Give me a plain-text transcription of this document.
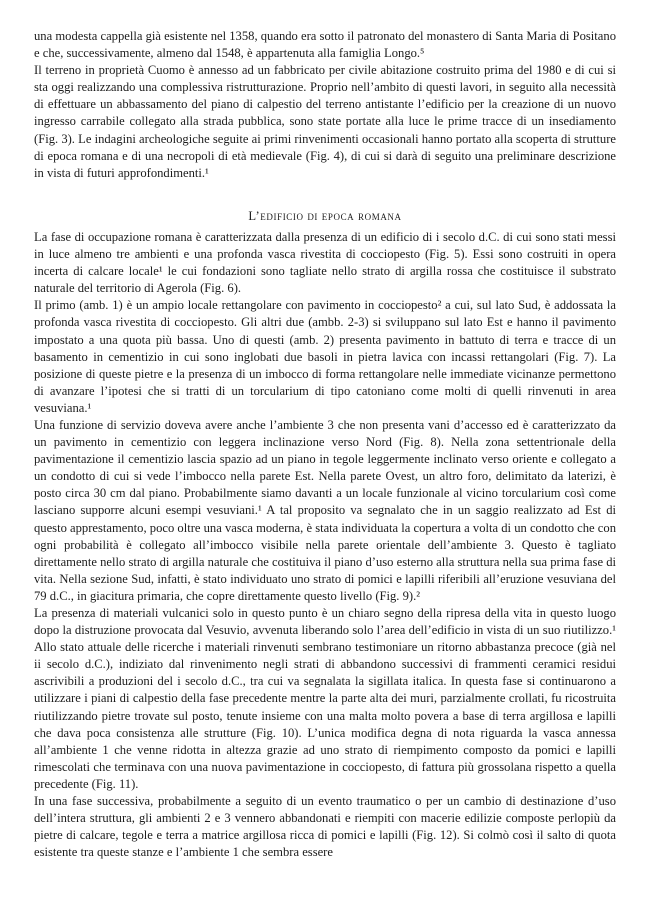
una modesta cappella già esistente nel 1358, quando era sotto il patronato del monastero di Santa Maria di Positano e che, successivamente, almeno dal 1548, è appartenuta alla famiglia Longo.⁵

Il terreno in proprietà Cuomo è annesso ad un fabbricato per civile abitazione costruito prima del 1980 e di cui si sta oggi realizzando una complessiva ristrutturazione. Proprio nell’ambito di questi lavori, in seguito alla necessità di effettuare un abbassamento del piano di calpestio del terreno antistante l’edificio per la creazione di un nuovo ingresso carrabile collegato alla strada pubblica, sono state portate alla luce le prime tracce di un insediamento (Fig. 3). Le indagini archeologiche seguite ai primi rinvenimenti occasionali hanno portato alla scoperta di strutture di epoca romana e di una necropoli di età medievale (Fig. 4), di cui si darà di seguito una preliminare descrizione in vista di futuri approfondimenti.¹

L’edificio di epoca romana

La fase di occupazione romana è caratterizzata dalla presenza di un edificio di i secolo d.C. di cui sono stati messi in luce almeno tre ambienti e una profonda vasca rivestita di cocciopesto (Fig. 5). Essi sono costruiti in opera incerta di calcare locale¹ le cui fondazioni sono tagliate nello strato di argilla rossa che costituisce il substrato naturale del territorio di Agerola (Fig. 6).

Il primo (amb. 1) è un ampio locale rettangolare con pavimento in cocciopesto² a cui, sul lato Sud, è addossata la profonda vasca rivestita di cocciopesto. Gli altri due (ambb. 2-3) si sviluppano sul lato Est e hanno il pavimento impostato a una quota più bassa. Uno di questi (amb. 2) presenta pavimento in battuto di terra e tracce di un basamento in cementizio in cui sono inglobati due basoli in pietra lavica con incassi rettangolari (Fig. 7). La posizione di queste pietre e la presenza di un imbocco di forma rettangolare nelle immediate vicinanze permettono di avanzare l’ipotesi che si tratti di un torcularium di tipo catoniano come molti di quelli rinvenuti in area vesuviana.¹

Una funzione di servizio doveva avere anche l’ambiente 3 che non presenta vani d’accesso ed è caratterizzato da un pavimento in cementizio con leggera inclinazione verso Nord (Fig. 8). Nella zona settentrionale della pavimentazione il cementizio lascia spazio ad un piano in tegole leggermente inclinato verso oriente e collegato a un condotto di cui si vede l’imbocco nella parete Est. Nella parete Ovest, un altro foro, delimitato da laterizi, è posto circa 30 cm dal piano. Probabilmente siamo davanti a un locale funzionale al vicino torcularium così come lasciano supporre alcuni esempi vesuviani.¹ A tal proposito va segnalato che in un saggio realizzato ad Est di questo apprestamento, poco oltre una vasca moderna, è stata individuata la copertura a volta di un condotto che con ogni probabilità è collegato all’imbocco visibile nella parete orientale dell’ambiente 3. Questo è tagliato direttamente nello strato di argilla naturale che costituiva il piano d’uso esterno alla struttura nella sua prima fase di vita. Nella sezione Sud, infatti, è stato individuato uno strato di pomici e lapilli riferibili all’eruzione vesuviana del 79 d.C., in giacitura primaria, che copre direttamente questo livello (Fig. 9).²

La presenza di materiali vulcanici solo in questo punto è un chiaro segno della ripresa della vita in questo luogo dopo la distruzione provocata dal Vesuvio, avvenuta liberando solo l’area dell’edificio in vista di un suo riutilizzo.¹ Allo stato attuale delle ricerche i materiali rinvenuti sembrano testimoniare un ritorno abbastanza precoce (già nel ii secolo d.C.), indiziato dal rinvenimento negli strati di abbandono successivi di frammenti ceramici residui ascrivibili a produzioni del i secolo d.C., tra cui va segnalata la sigillata italica. In questa fase si continuarono a utilizzare i piani di calpestio della fase precedente mentre la parte alta dei muri, parzialmente crollati, fu ricostruita riutilizzando pietre trovate sul posto, tenute insieme con una malta molto povera a base di terra argillosa e lapilli che dava poca consistenza alle strutture (Fig. 10). L’unica modifica degna di nota riguarda la vasca annessa all’ambiente 1 che venne ridotta in altezza grazie ad uno strato di riempimento composto da pomici e lapilli rimescolati che terminava con una nuova pavimentazione in cocciopesto, di fattura più grossolana rispetto a quella precedente (Fig. 11).

In una fase successiva, probabilmente a seguito di un evento traumatico o per un cambio di destinazione d’uso dell’intera struttura, gli ambienti 2 e 3 vennero abbandonati e riempiti con macerie edilizie composte perlopiù da pietre di calcare, tegole e terra a matrice argillosa ricca di pomici e lapilli (Fig. 12). Si colmò così il salto di quota esistente tra queste stanze e l’ambiente 1 che sembra essere
